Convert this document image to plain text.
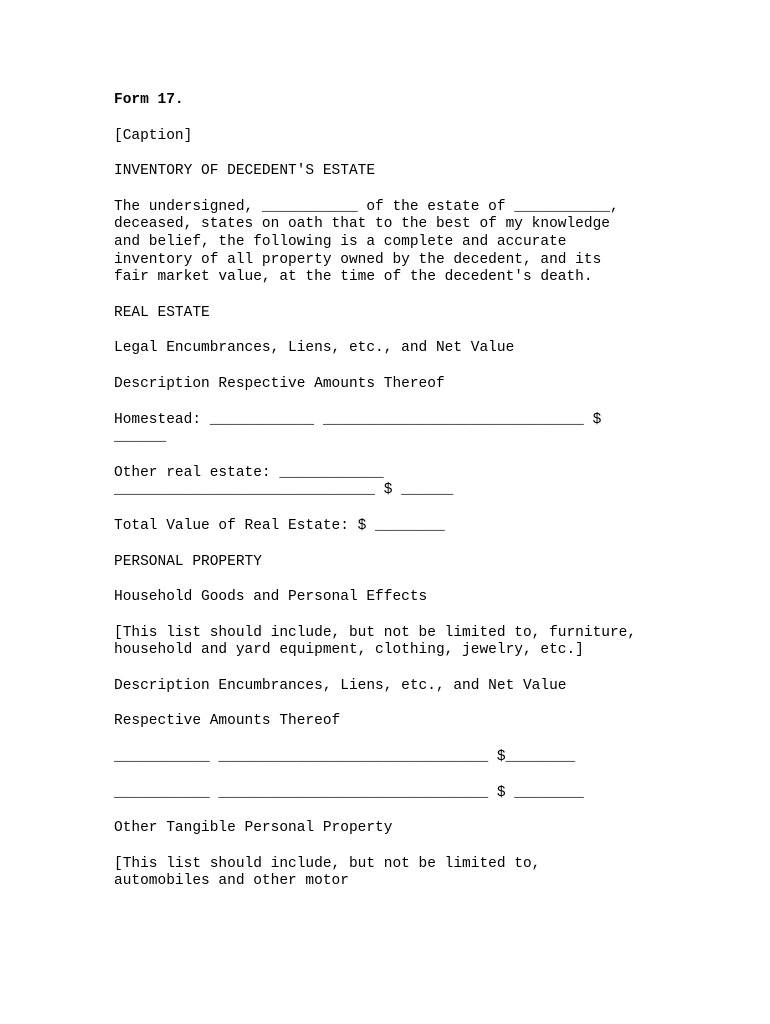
Form 17.

[Caption]

INVENTORY OF DECEDENT'S ESTATE

The undersigned, ___________ of the estate of ___________,
deceased, states on oath that to the best of my knowledge
and belief, the following is a complete and accurate
inventory of all property owned by the decedent, and its
fair market value, at the time of the decedent's death.

REAL ESTATE

Legal Encumbrances, Liens, etc., and Net Value

Description Respective Amounts Thereof

Homestead: ____________ ______________________________ $
______

Other real estate: ____________
______________________________ $ ______

Total Value of Real Estate: $ ________

PERSONAL PROPERTY

Household Goods and Personal Effects

[This list should include, but not be limited to, furniture,
household and yard equipment, clothing, jewelry, etc.]

Description Encumbrances, Liens, etc., and Net Value

Respective Amounts Thereof

___________ _______________________________ $________

___________ _______________________________ $ ________

Other Tangible Personal Property

[This list should include, but not be limited to,
automobiles and other motor
